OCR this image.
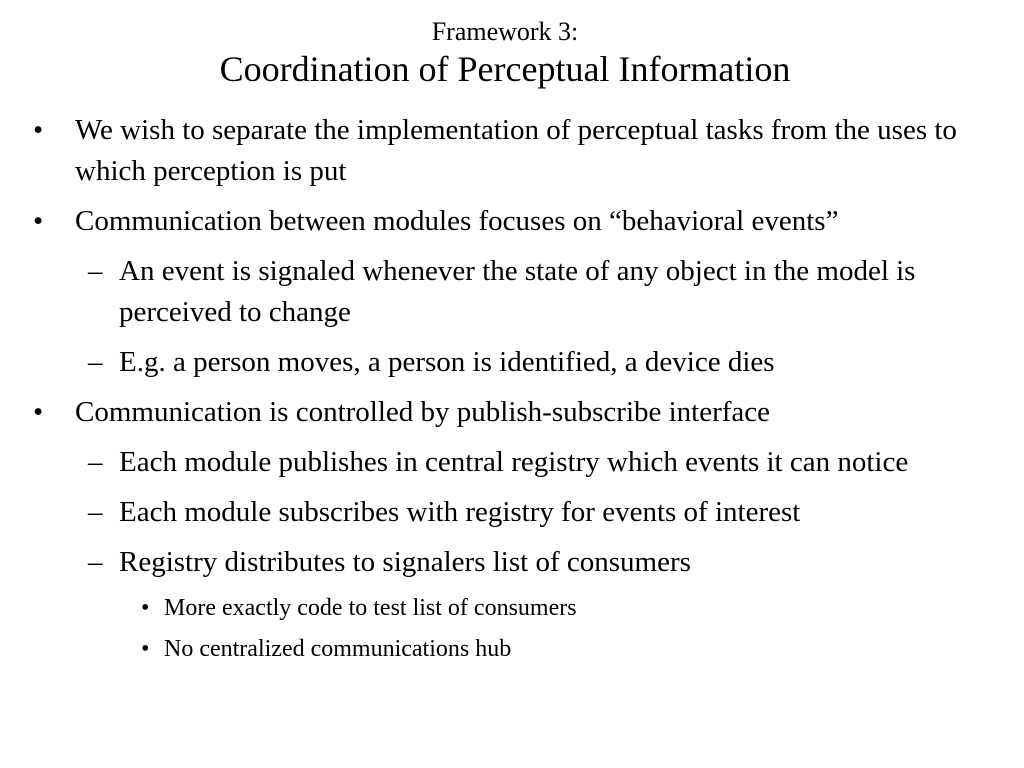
Framework 3:
Coordination of Perceptual Information
• We wish to separate the implementation of perceptual tasks from the uses to which perception is put
• Communication between modules focuses on “behavioral events”
– An event is signaled whenever the state of any object in the model is perceived to change
– E.g. a person moves, a person is identified, a device dies
• Communication is controlled by publish-subscribe interface
– Each module publishes in central registry which events it can notice
– Each module subscribes with registry for events of interest
– Registry distributes to signalers list of consumers
• More exactly code to test list of consumers
• No centralized communications hub
